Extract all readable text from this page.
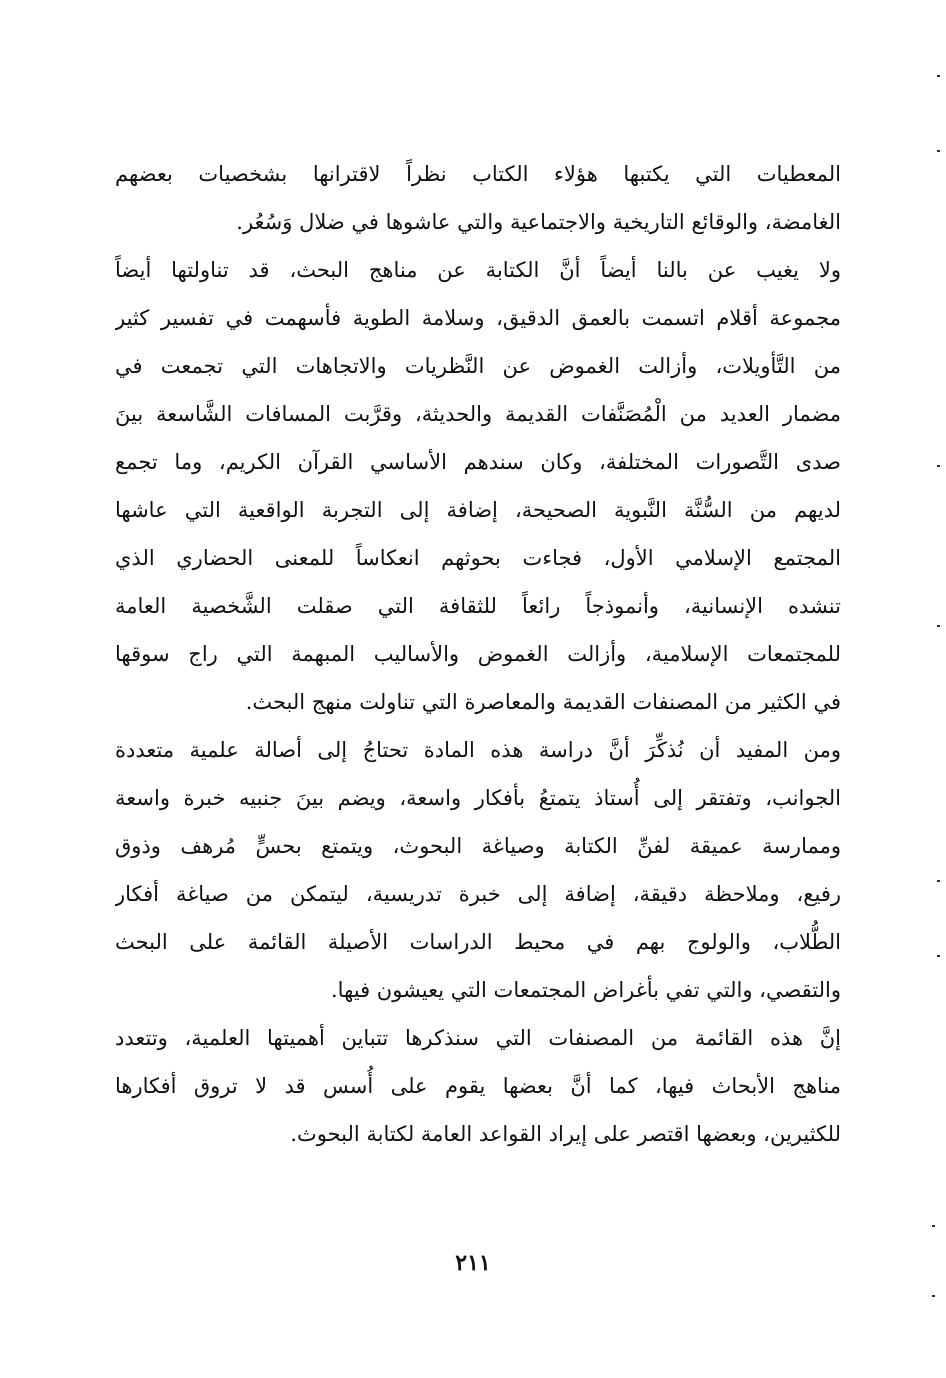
المعطيات التي يكتبها هؤلاء الكتاب نظراً لاقترانها بشخصيات بعضهم
الغامضة، والوقائع التاريخية والاجتماعية والتي عاشوها في ضلال وَسُعُر.
ولا يغيب عن بالنا أيضاً أنَّ الكتابة عن مناهج البحث، قد تناولتها أيضاً
مجموعة أقلام اتسمت بالعمق الدقيق، وسلامة الطوية فأسهمت في تفسير كثير
من التَّأويلات، وأزالت الغموض عن النَّظريات والاتجاهات التي تجمعت في
مضمار العديد من الْمُصَنَّفات القديمة والحديثة، وقرَّبت المسافات الشَّاسعة بينَ
صدى التَّصورات المختلفة، وكان سندهم الأساسي القرآن الكريم، وما تجمع
لديهم من السُّنَّة النَّبوية الصحيحة، إضافة إلى التجربة الواقعية التي عاشها
المجتمع الإسلامي الأول، فجاءت بحوثهم انعكاساً للمعنى الحضاري الذي
تنشده الإنسانية، وأنموذجاً رائعاً للثقافة التي صقلت الشَّخصية العامة
للمجتمعات الإسلامية، وأزالت الغموض والأساليب المبهمة التي راج سوقها
في الكثير من المصنفات القديمة والمعاصرة التي تناولت منهج البحث.
ومن المفيد أن نُذكِّرَ أنَّ دراسة هذه المادة تحتاجُ إلى أصالة علمية متعددة
الجوانب، وتفتقر إلى أُستاذ يتمتعُ بأفكار واسعة، ويضم بينَ جنبيه خبرة واسعة
وممارسة عميقة لفنِّ الكتابة وصياغة البحوث، ويتمتع بحسٍّ مُرهف وذوق
رفيع، وملاحظة دقيقة، إضافة إلى خبرة تدريسية، ليتمكن من صياغة أفكار
الطُّلاب، والولوج بهم في محيط الدراسات الأصيلة القائمة على البحث
والتقصي، والتي تفي بأغراض المجتمعات التي يعيشون فيها.
إنَّ هذه القائمة من المصنفات التي سنذكرها تتباين أهميتها العلمية، وتتعدد
مناهج الأبحاث فيها، كما أنَّ بعضها يقوم على أُسس قد لا تروق أفكارها
للكثيرين، وبعضها اقتصر على إيراد القواعد العامة لكتابة البحوث.
٢١١
